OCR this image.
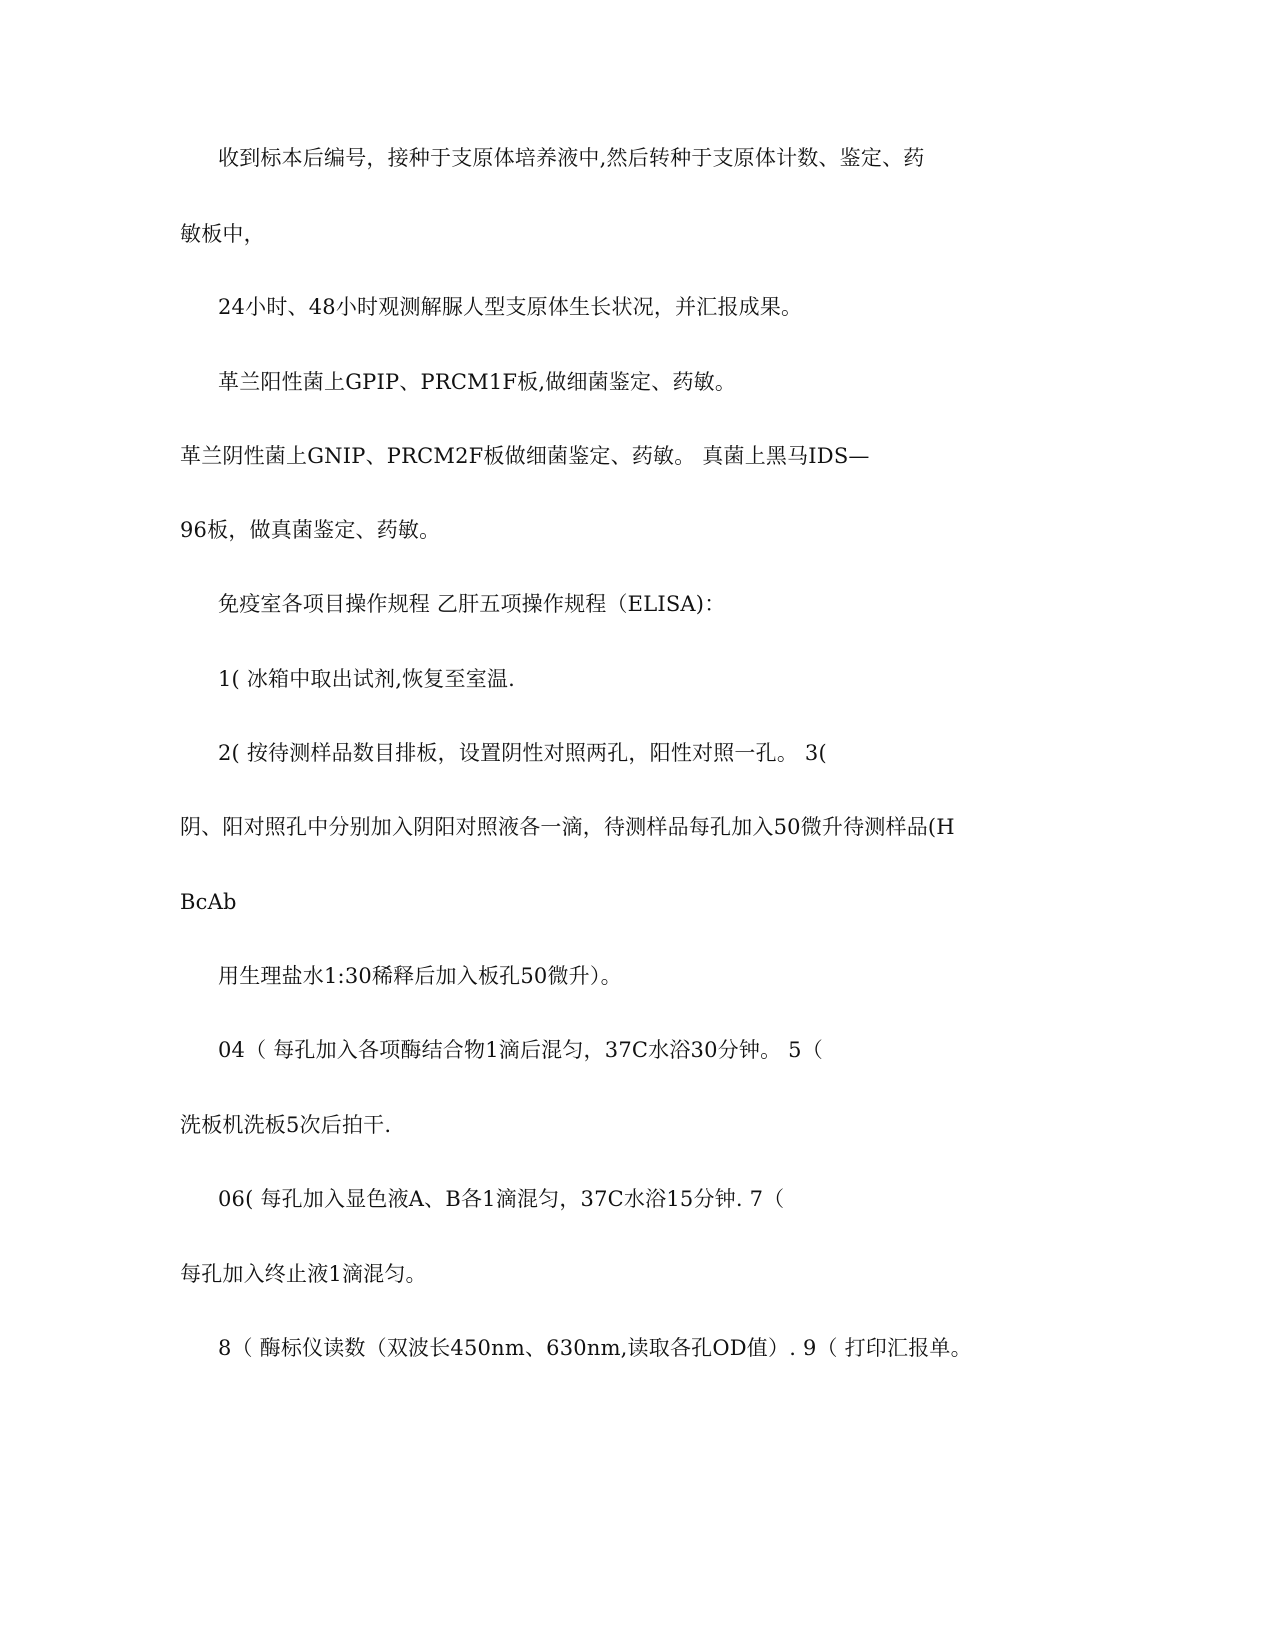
收到标本后编号，接种于支原体培养液中,然后转种于支原体计数、鉴定、药
敏板中，
24小时、48小时观测解脲人型支原体生长状况，并汇报成果。
革兰阳性菌上GPIP、PRCM1F板,做细菌鉴定、药敏。
革兰阴性菌上GNIP、PRCM2F板做细菌鉴定、药敏。 真菌上黑马IDS—
96板，做真菌鉴定、药敏。
免疫室各项目操作规程 乙肝五项操作规程（ELISA)：
1( 冰箱中取出试剂,恢复至室温.
2( 按待测样品数目排板，设置阴性对照两孔，阳性对照一孔。 3(
阴、阳对照孔中分别加入阴阳对照液各一滴，待测样品每孔加入50微升待测样品(H
BcAb
用生理盐水1:30稀释后加入板孔50微升）。
04（ 每孔加入各项酶结合物1滴后混匀，37C水浴30分钟。 5（
洗板机洗板5次后拍干.
06( 每孔加入显色液A、B各1滴混匀，37C水浴15分钟. 7（
每孔加入终止液1滴混匀。
8（ 酶标仪读数（双波长450nm、630nm,读取各孔OD值）. 9（ 打印汇报单。
